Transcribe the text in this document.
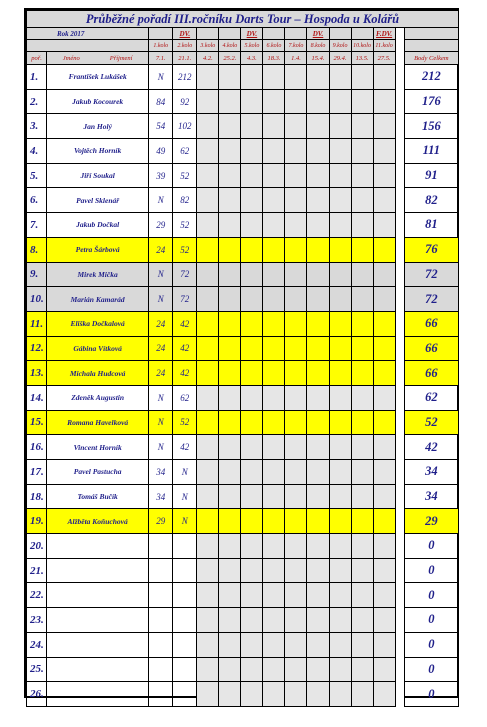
Průběžné pořadí III.ročníku Darts Tour – Hospoda u Kolářů														
Rok 2017			DV.			DV.			DV.			F.DV.		
		1.kolo	2.kolo	3.kolo	4.kolo	5.kolo	6.kolo	7.kolo	8.kolo	9.kolo	10.kolo	11.kolo		
poř.	Jméno Příjmení	7.1.	21.1.	4.2.	25.2.	4.3.	18.3.	1.4.	15.4.	29.4.	13.5.	27.5.		Body Celkem
1.	František Lukášek	N	212											212
2.	Jakub Kocourek	84	92											176
3.	Jan Holý	54	102											156
4.	Vojtěch Horník	49	62											111
5.	Jiří Soukal	39	52											91
6.	Pavel Sklenář	N	82											82
7.	Jakub Dočkal	29	52											81
8.	Petra Šárbová	24	52											76
9.	Mirek Mička	N	72											72
10.	Marián Kamarád	N	72											72
11.	Eliška Dočkalová	24	42											66
12.	Gábina Vítková	24	42											66
13.	Michala Hudcová	24	42											66
14.	Zdeněk Augustin	N	62											62
15.	Romana Havelková	N	52											52
16.	Vincent Horník	N	42											42
17.	Pavel Pastucha	34	N											34
18.	Tomáš Bučík	34	N											34
19.	Alžběta Koňuchová	29	N											29
20.														0
21.														0
22.														0
23.														0
24.														0
25.														0
26.														0
